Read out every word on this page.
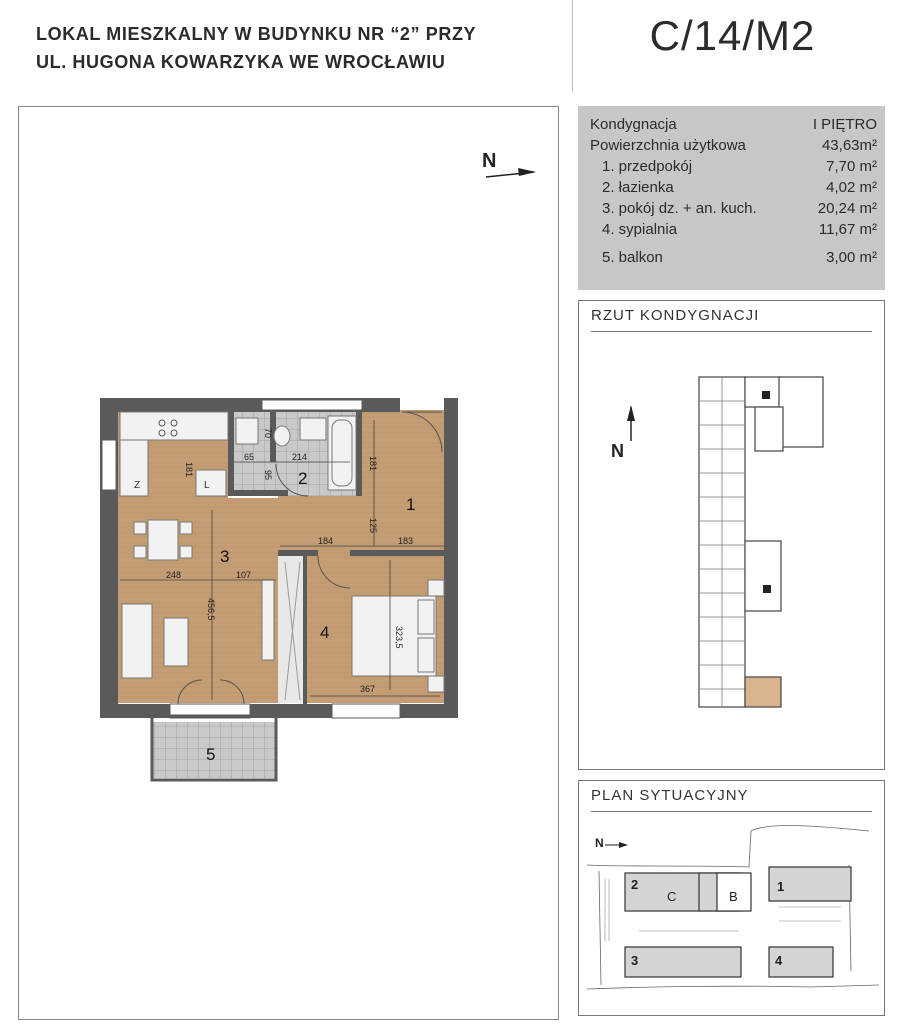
LOKAL MIESZKALNY W BUDYNKU NR “2” PRZY
UL. HUGONA KOWARZYKA WE WROCŁAWIU
C/14/M2
N
Z	L
181
65	214
95
70
181
125
184	183
248	107
456,5
323,5
367
1
2
3
4
5
Kondygnacja	I PIĘTRO
Powierzchnia użytkowa	43,63m²
1. przedpokój	7,70 m²
2. łazienka	4,02 m²
3. pokój dz. + an. kuch.	20,24 m²
4. sypialnia	11,67 m²
5. balkon	3,00 m²
RZUT KONDYGNACJI
N
PLAN SYTUACYJNY
N
2
C	B
1
3	4
